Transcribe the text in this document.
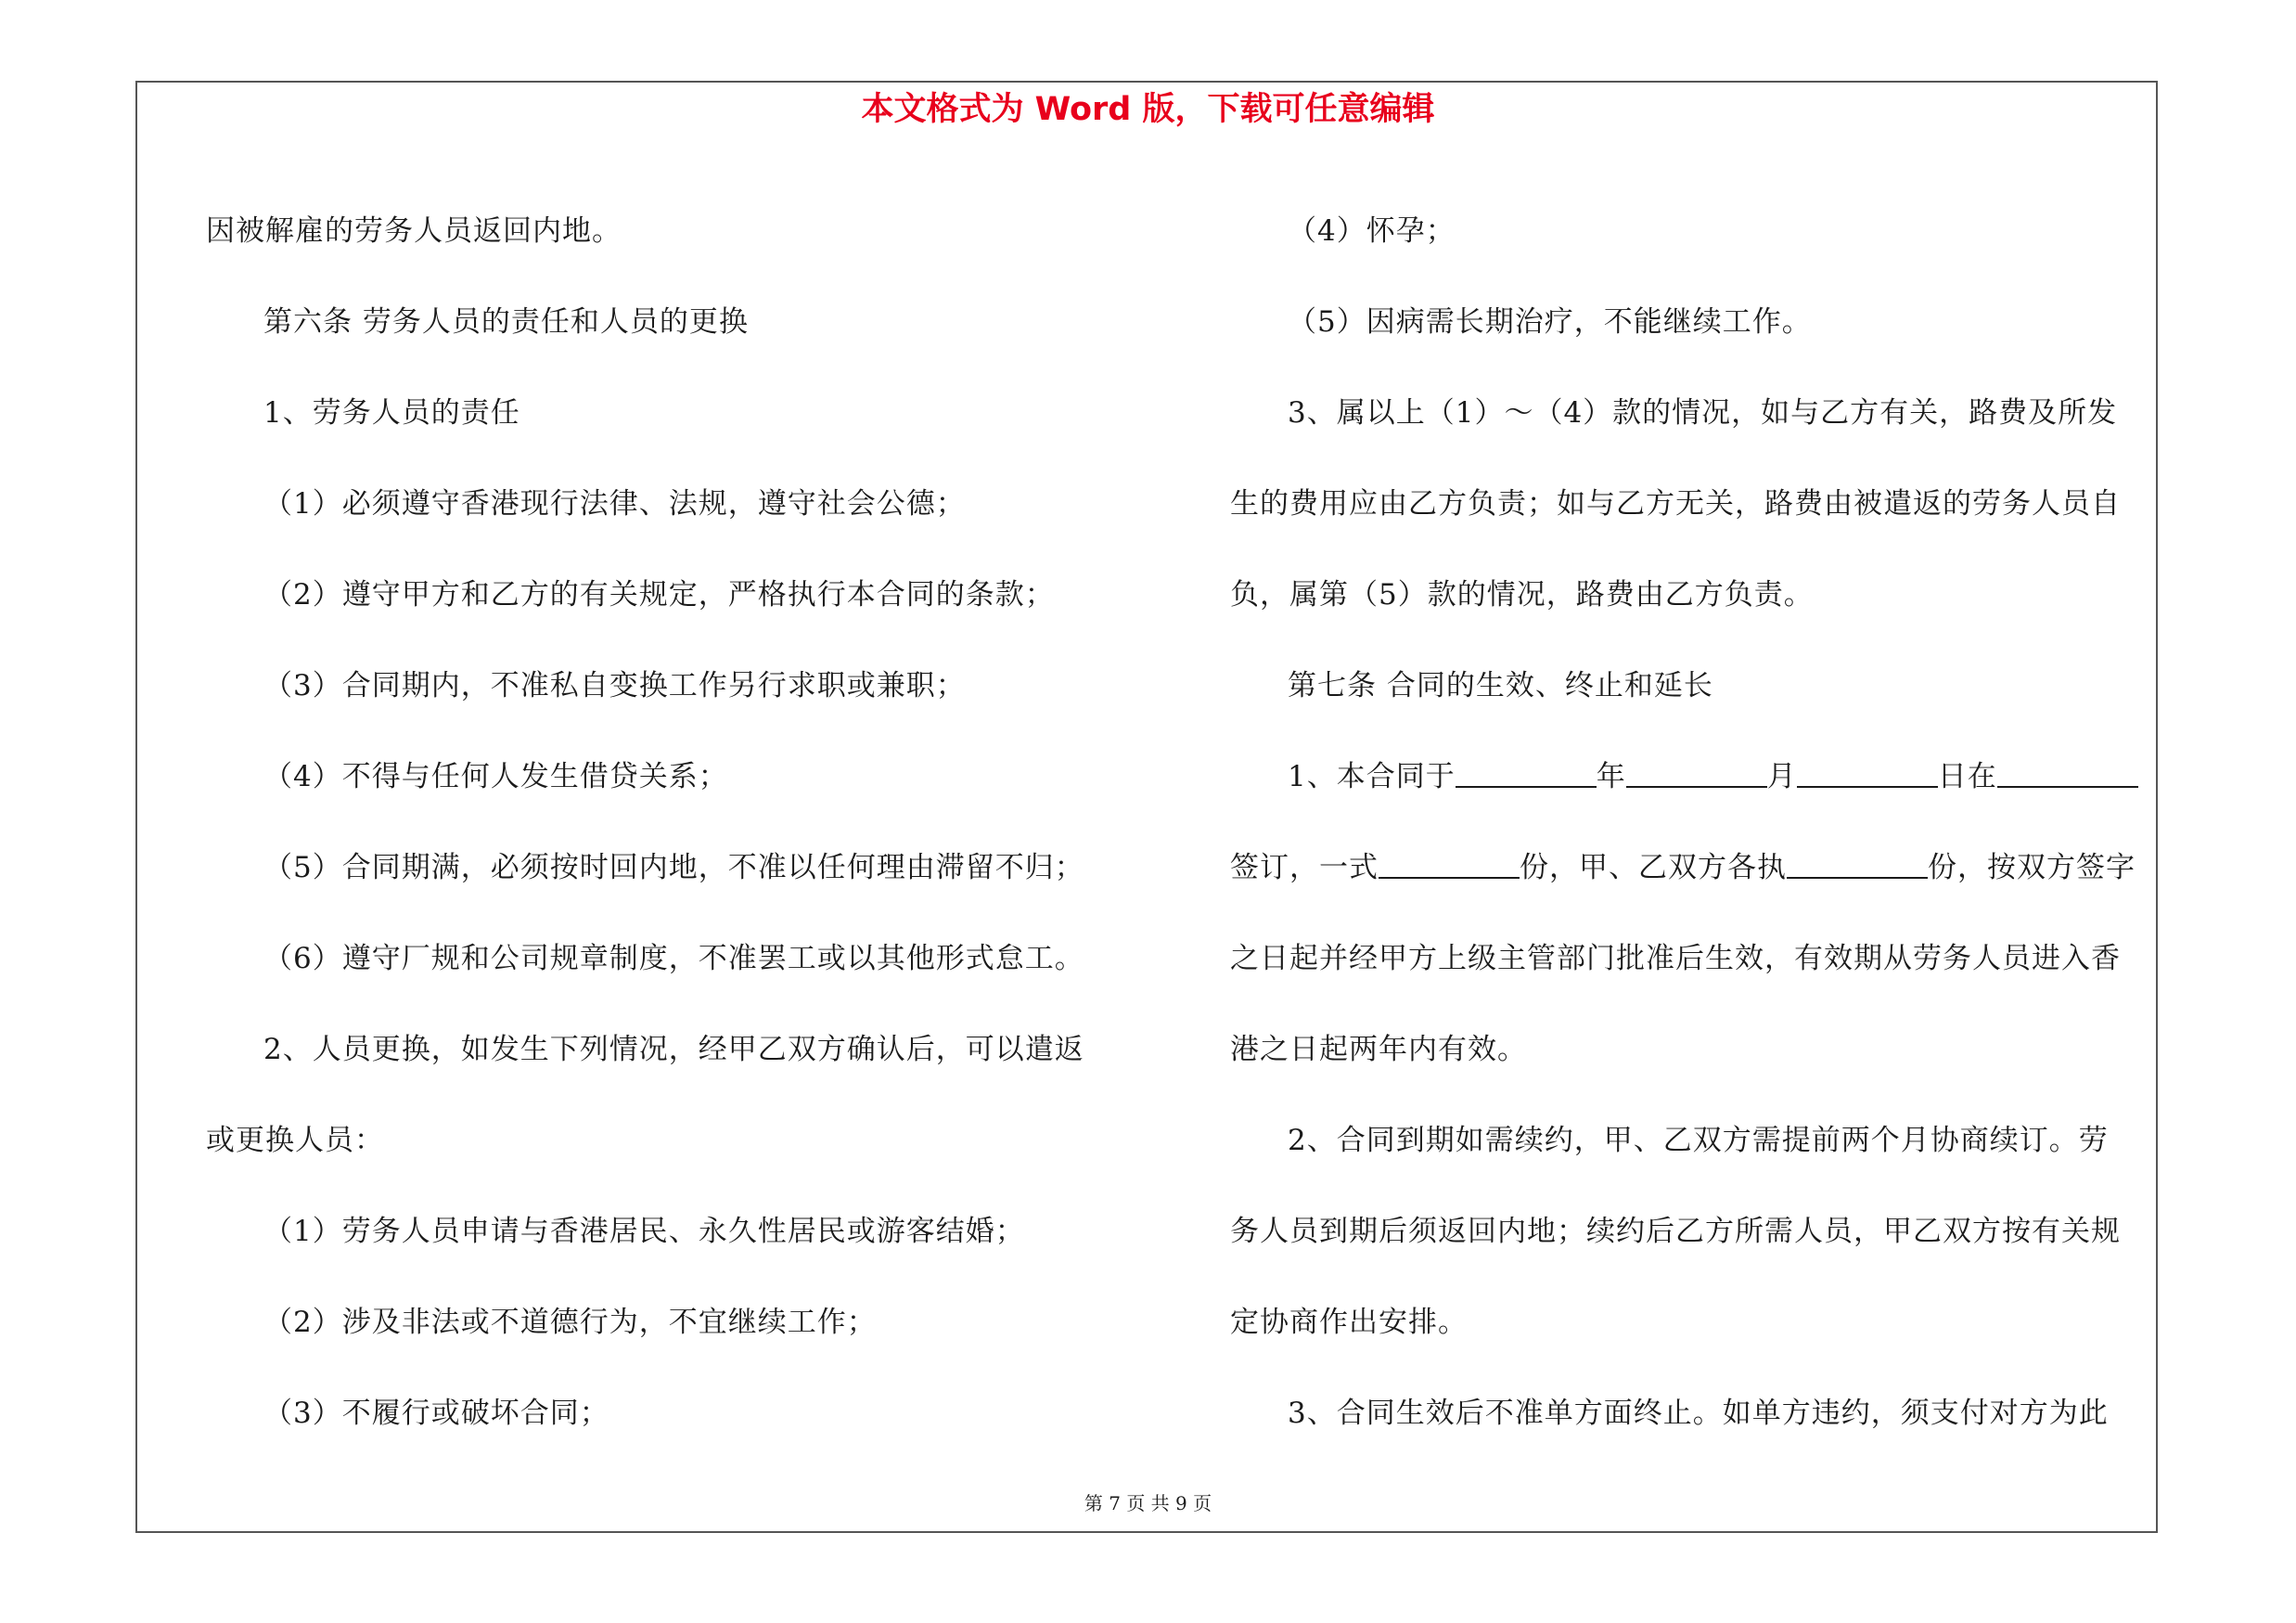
本文格式为 Word 版，下载可任意编辑
因被解雇的劳务人员返回内地。
第六条 劳务人员的责任和人员的更换
1、劳务人员的责任
（1）必须遵守香港现行法律、法规，遵守社会公德；
（2）遵守甲方和乙方的有关规定，严格执行本合同的条款；
（3）合同期内，不准私自变换工作另行求职或兼职；
（4）不得与任何人发生借贷关系；
（5）合同期满，必须按时回内地，不准以任何理由滞留不归；
（6）遵守厂规和公司规章制度，不准罢工或以其他形式怠工。
2、人员更换，如发生下列情况，经甲乙双方确认后，可以遣返
或更换人员：
（1）劳务人员申请与香港居民、永久性居民或游客结婚；
（2）涉及非法或不道德行为，不宜继续工作；
（3）不履行或破坏合同；
（4）怀孕；
（5）因病需长期治疗，不能继续工作。
3、属以上（1）～（4）款的情况，如与乙方有关，路费及所发
生的费用应由乙方负责；如与乙方无关，路费由被遣返的劳务人员自
负，属第（5）款的情况，路费由乙方负责。
第七条 合同的生效、终止和延长
1、本合同于	年	月	日在
签订，一式	份，甲、乙双方各执	份，按双方签字
之日起并经甲方上级主管部门批准后生效，有效期从劳务人员进入香
港之日起两年内有效。
2、合同到期如需续约，甲、乙双方需提前两个月协商续订。劳
务人员到期后须返回内地；续约后乙方所需人员，甲乙双方按有关规
定协商作出安排。
3、合同生效后不准单方面终止。如单方违约，须支付对方为此
第 7 页 共 9 页
